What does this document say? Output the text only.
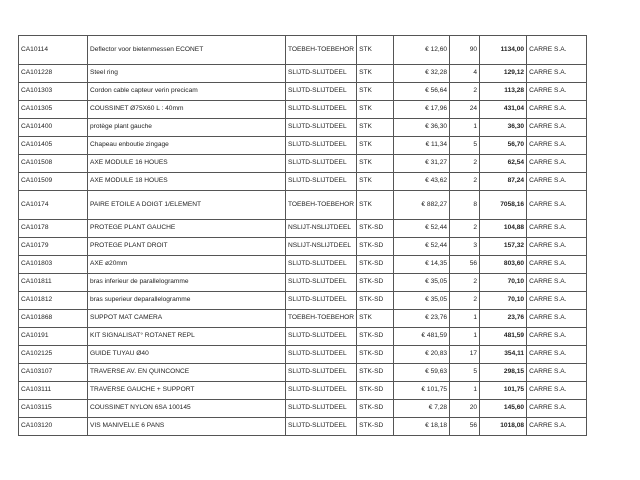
CA10114	Deflector voor bietenmessen ECONET	TOEBEH-TOEBEHOR	STK	€ 12,60	90	1134,00	CARRE S.A.
CA101228	Steel ring	SLIJTD-SLIJTDEEL	STK	€ 32,28	4	129,12	CARRE S.A.
CA101303	Cordon cable capteur verin precicam	SLIJTD-SLIJTDEEL	STK	€ 56,64	2	113,28	CARRE S.A.
CA101305	COUSSINET Ø75X60 L : 40mm	SLIJTD-SLIJTDEEL	STK	€ 17,96	24	431,04	CARRE S.A.
CA101400	protège plant gauche	SLIJTD-SLIJTDEEL	STK	€ 36,30	1	36,30	CARRE S.A.
CA101405	Chapeau enboutie zingage	SLIJTD-SLIJTDEEL	STK	€ 11,34	5	56,70	CARRE S.A.
CA101508	AXE MODULE 16 HOUES	SLIJTD-SLIJTDEEL	STK	€ 31,27	2	62,54	CARRE S.A.
CA101509	AXE MODULE 18 HOUES	SLIJTD-SLIJTDEEL	STK	€ 43,62	2	87,24	CARRE S.A.
CA10174	PAIRE ETOILE A DOIGT 1/ELEMENT	TOEBEH-TOEBEHOR	STK	€ 882,27	8	7058,16	CARRE S.A.
CA10178	PROTEGE PLANT GAUCHE	NSLIJT-NSLIJTDEEL	STK-SD	€ 52,44	2	104,88	CARRE S.A.
CA10179	PROTEGE PLANT DROIT	NSLIJT-NSLIJTDEEL	STK-SD	€ 52,44	3	157,32	CARRE S.A.
CA101803	AXE ø20mm	SLIJTD-SLIJTDEEL	STK-SD	€ 14,35	56	803,60	CARRE S.A.
CA101811	bras inferieur de parallelogramme	SLIJTD-SLIJTDEEL	STK-SD	€ 35,05	2	70,10	CARRE S.A.
CA101812	bras superieur deparallelogramme	SLIJTD-SLIJTDEEL	STK-SD	€ 35,05	2	70,10	CARRE S.A.
CA101868	SUPPOT MAT CAMERA	TOEBEH-TOEBEHOR	STK	€ 23,76	1	23,76	CARRE S.A.
CA10191	KIT SIGNALISAT° ROTANET REPL	SLIJTD-SLIJTDEEL	STK-SD	€ 481,59	1	481,59	CARRE S.A.
CA102125	GUIDE TUYAU Ø40	SLIJTD-SLIJTDEEL	STK-SD	€ 20,83	17	354,11	CARRE S.A.
CA103107	TRAVERSE AV. EN QUINCONCE	SLIJTD-SLIJTDEEL	STK-SD	€ 59,63	5	298,15	CARRE S.A.
CA103111	TRAVERSE GAUCHE + SUPPORT	SLIJTD-SLIJTDEEL	STK-SD	€ 101,75	1	101,75	CARRE S.A.
CA103115	COUSSINET NYLON 6SA 100145	SLIJTD-SLIJTDEEL	STK-SD	€ 7,28	20	145,60	CARRE S.A.
CA103120	VIS MANIVELLE 6 PANS	SLIJTD-SLIJTDEEL	STK-SD	€ 18,18	56	1018,08	CARRE S.A.
